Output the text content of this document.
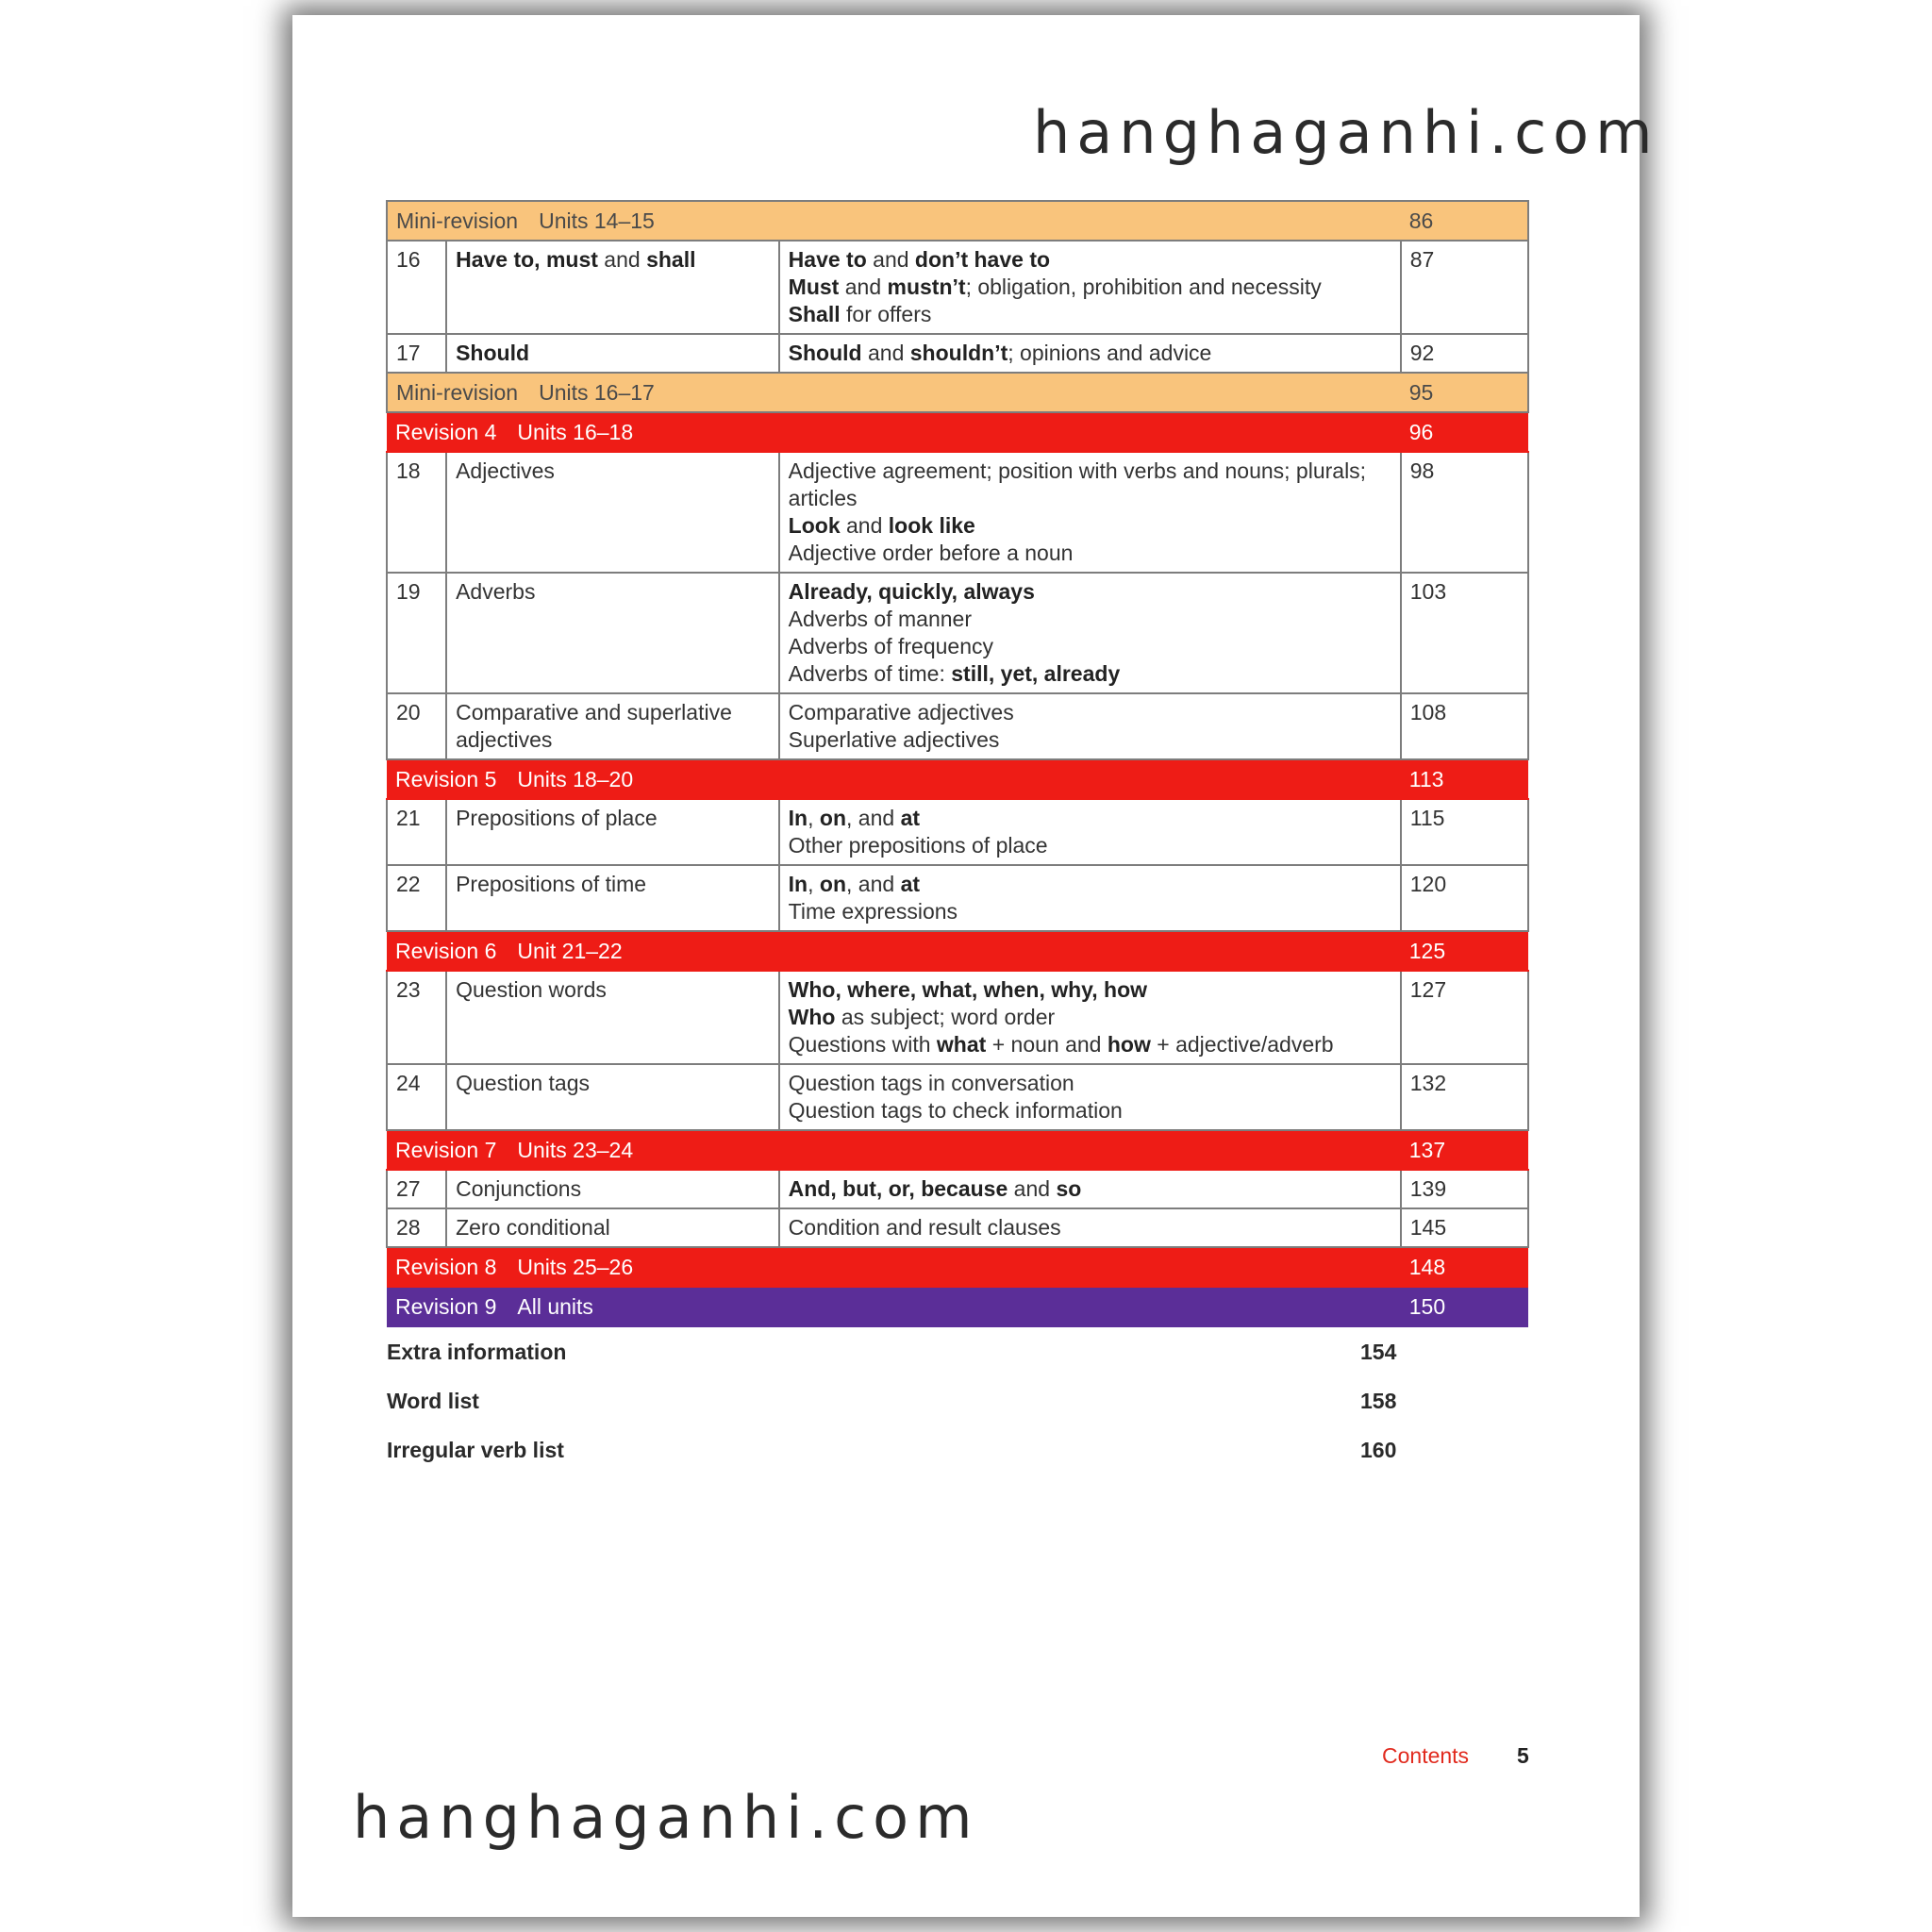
hanghaganhi.com
Mini-revision Units 14–15			86
16	Have to, must and shall	Have to and don’t have to
Must and mustn’t; obligation, prohibition and necessity
Shall for offers	87
17	Should	Should and shouldn’t; opinions and advice	92
Mini-revision Units 16–17			95
Revision 4 Units 16–18			96
18	Adjectives	Adjective agreement; position with verbs and nouns; plurals; articles
Look and look like
Adjective order before a noun	98
19	Adverbs	Already, quickly, always
Adverbs of manner
Adverbs of frequency
Adverbs of time: still, yet, already	103
20	Comparative and superlative adjectives	Comparative adjectives
Superlative adjectives	108
Revision 5 Units 18–20			113
21	Prepositions of place	In, on, and at
Other prepositions of place	115
22	Prepositions of time	In, on, and at
Time expressions	120
Revision 6 Unit 21–22			125
23	Question words	Who, where, what, when, why, how
Who as subject; word order
Questions with what + noun and how + adjective/adverb	127
24	Question tags	Question tags in conversation
Question tags to check information	132
Revision 7 Units 23–24			137
27	Conjunctions	And, but, or, because and so	139
28	Zero conditional	Condition and result clauses	145
Revision 8 Units 25–26			148
Revision 9 All units			150
Extra information	154
Word list	158
Irregular verb list	160
Contents 5
hanghaganhi.com
